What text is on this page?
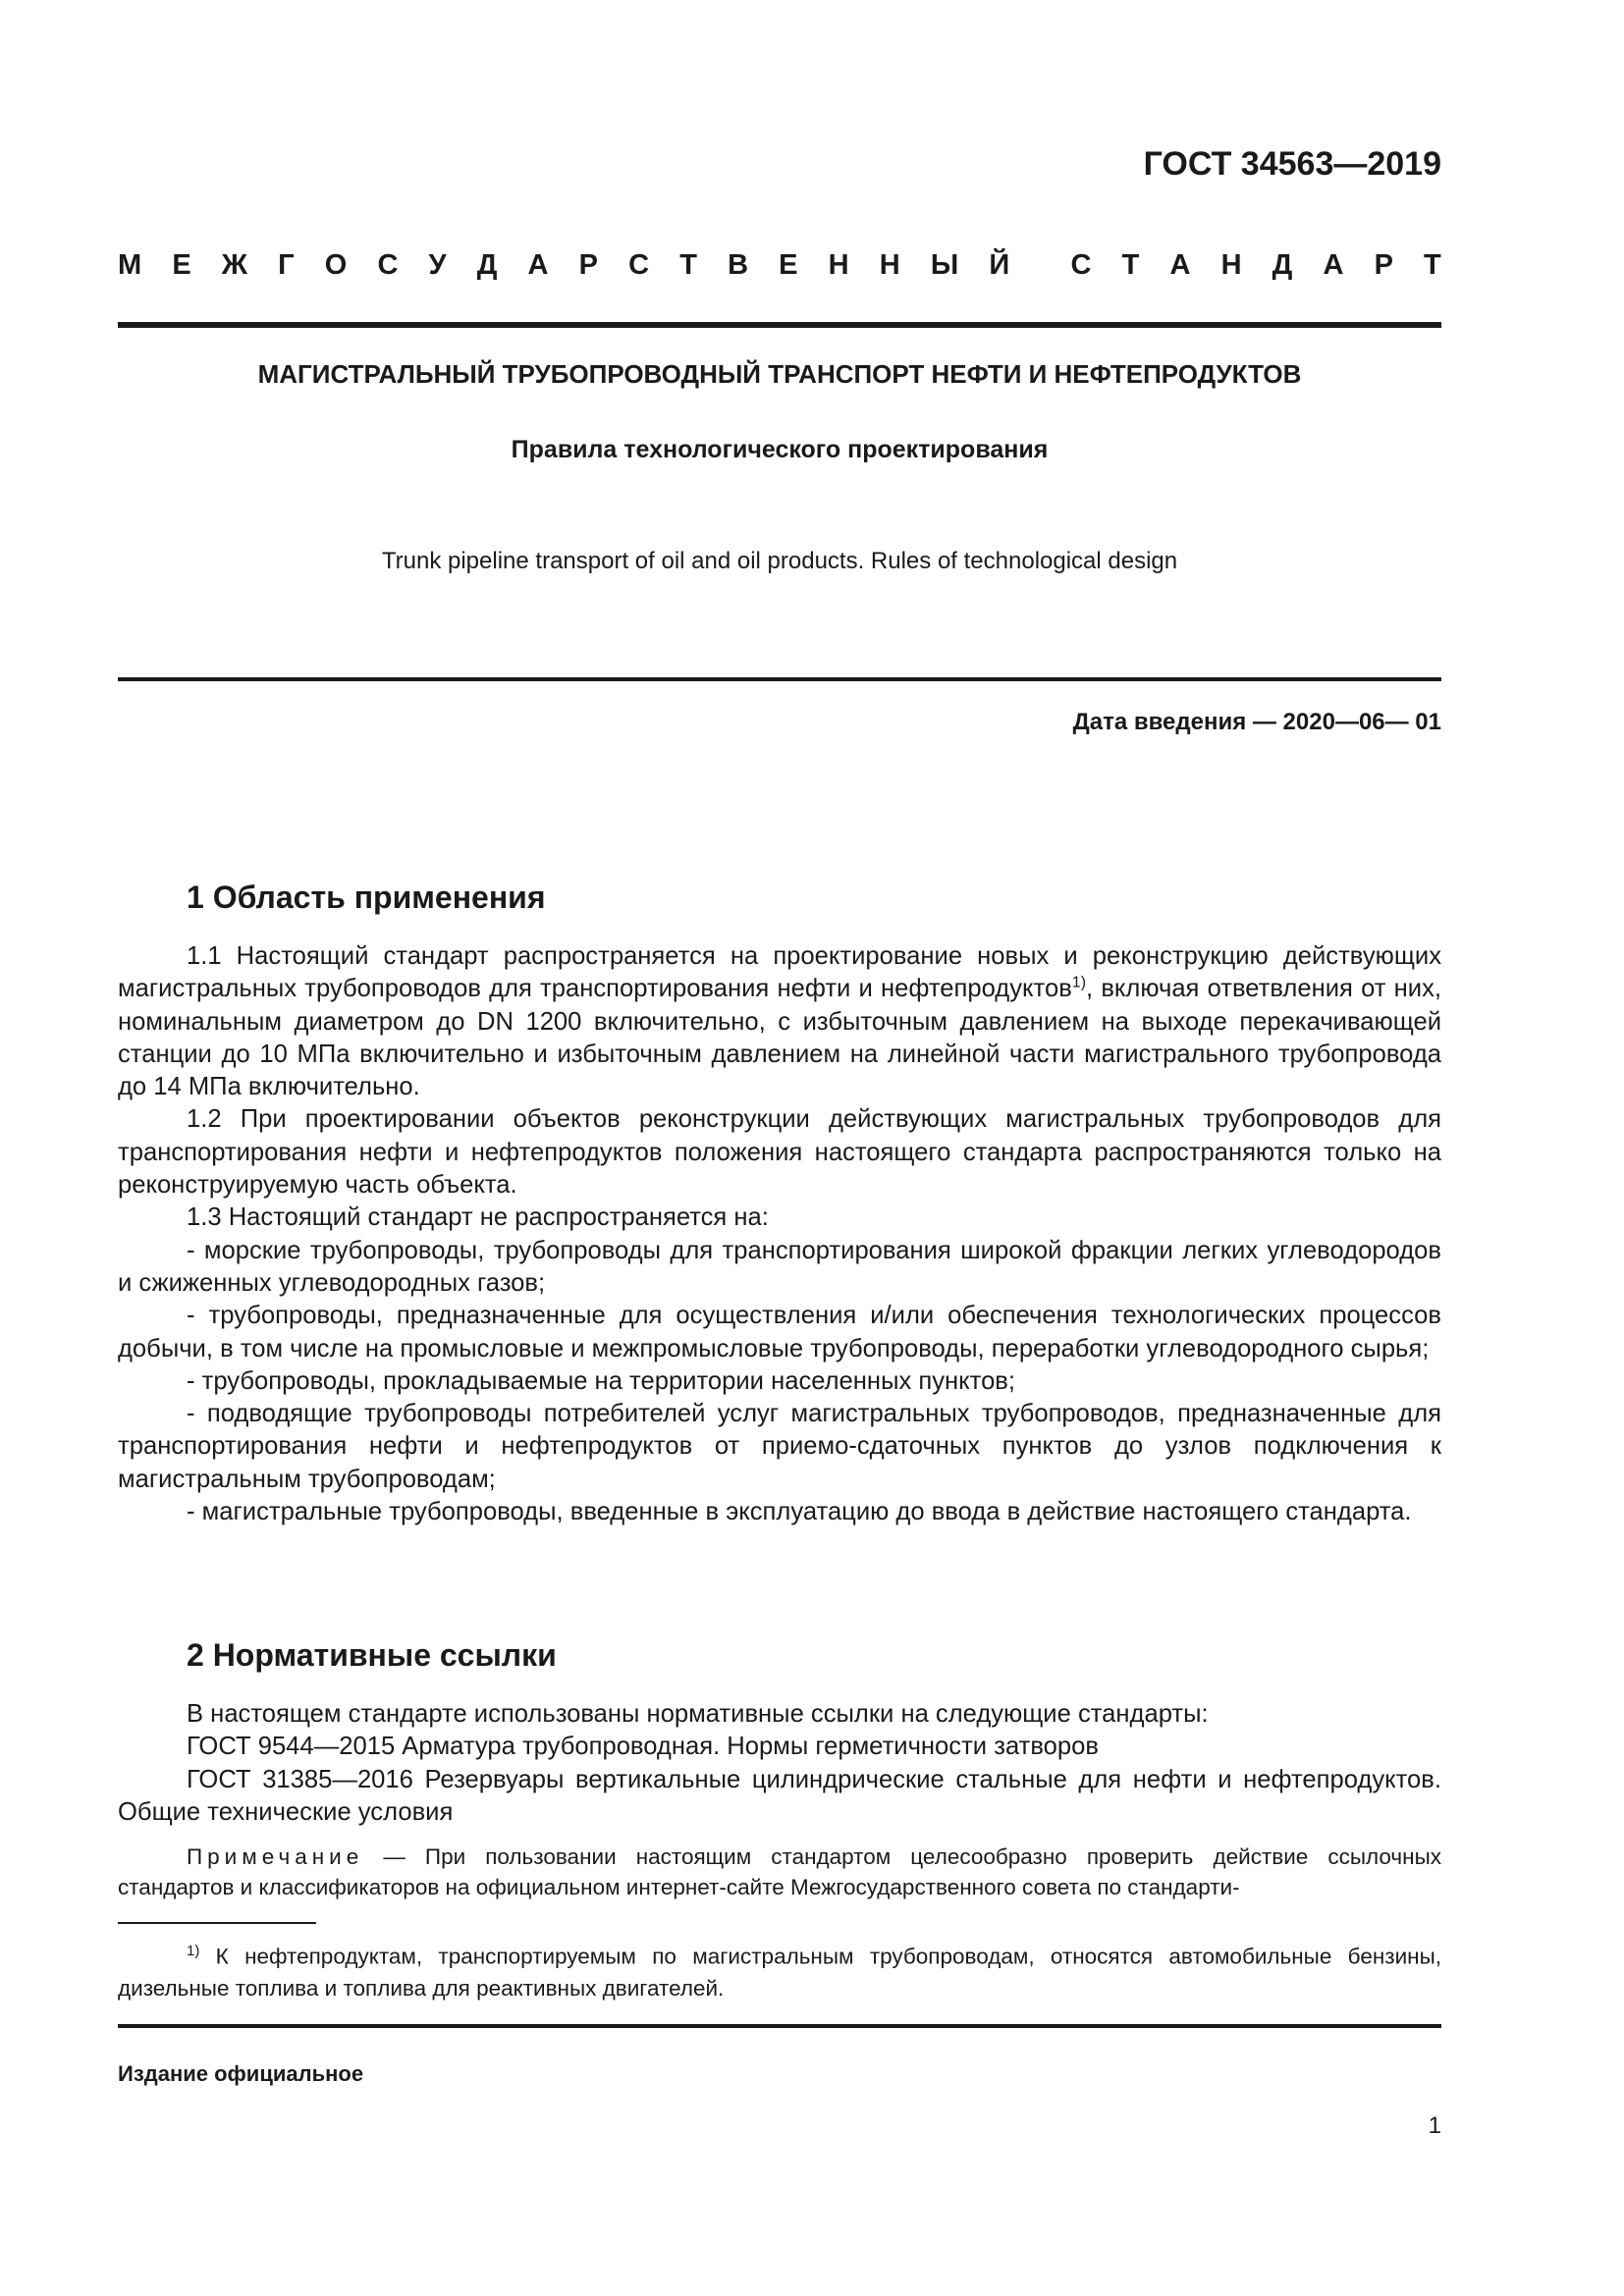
ГОСТ 34563—2019
М Е Ж Г О С У Д А Р С Т В Е Н Н Ы Й С Т А Н Д А Р Т
МАГИСТРАЛЬНЫЙ ТРУБОПРОВОДНЫЙ ТРАНСПОРТ НЕФТИ И НЕФТЕПРОДУКТОВ
Правила технологического проектирования
Trunk pipeline transport of oil and oil products. Rules of technological design
Дата введения — 2020—06— 01
1 Область применения

1.1 Настоящий стандарт распространяется на проектирование новых и реконструкцию действующих магистральных трубопроводов для транспортирования нефти и нефтепродуктов$^{1)}$, включая ответвления от них, номинальным диаметром до DN 1200 включительно, с избыточным давлением на выходе перекачивающей станции до 10 МПа включительно и избыточным давлением на линейной части магистрального трубопровода до 14 МПа включительно.

1.2 При проектировании объектов реконструкции действующих магистральных трубопроводов для транспортирования нефти и нефтепродуктов положения настоящего стандарта распространяются только на реконструируемую часть объекта.

1.3 Настоящий стандарт не распространяется на:

- морские трубопроводы, трубопроводы для транспортирования широкой фракции легких углеводородов и сжиженных углеводородных газов;

- трубопроводы, предназначенные для осуществления и/или обеспечения технологических процессов добычи, в том числе на промысловые и межпромысловые трубопроводы, переработки углеводородного сырья;

- трубопроводы, прокладываемые на территории населенных пунктов;

- подводящие трубопроводы потребителей услуг магистральных трубопроводов, предназначенные для транспортирования нефти и нефтепродуктов от приемо-сдаточных пунктов до узлов подключения к магистральным трубопроводам;

- магистральные трубопроводы, введенные в эксплуатацию до ввода в действие настоящего стандарта.

2 Нормативные ссылки

В настоящем стандарте использованы нормативные ссылки на следующие стандарты:

ГОСТ 9544—2015 Арматура трубопроводная. Нормы герметичности затворов

ГОСТ 31385—2016 Резервуары вертикальные цилиндрические стальные для нефти и нефтепродуктов. Общие технические условия

Примечание — При пользовании настоящим стандартом целесообразно проверить действие ссылочных стандартов и классификаторов на официальном интернет-сайте Межгосударственного совета по стандарти-

$^{1)}$ К нефтепродуктам, транспортируемым по магистральным трубопроводам, относятся автомобильные бензины, дизельные топлива и топлива для реактивных двигателей.

Издание официальное
1
